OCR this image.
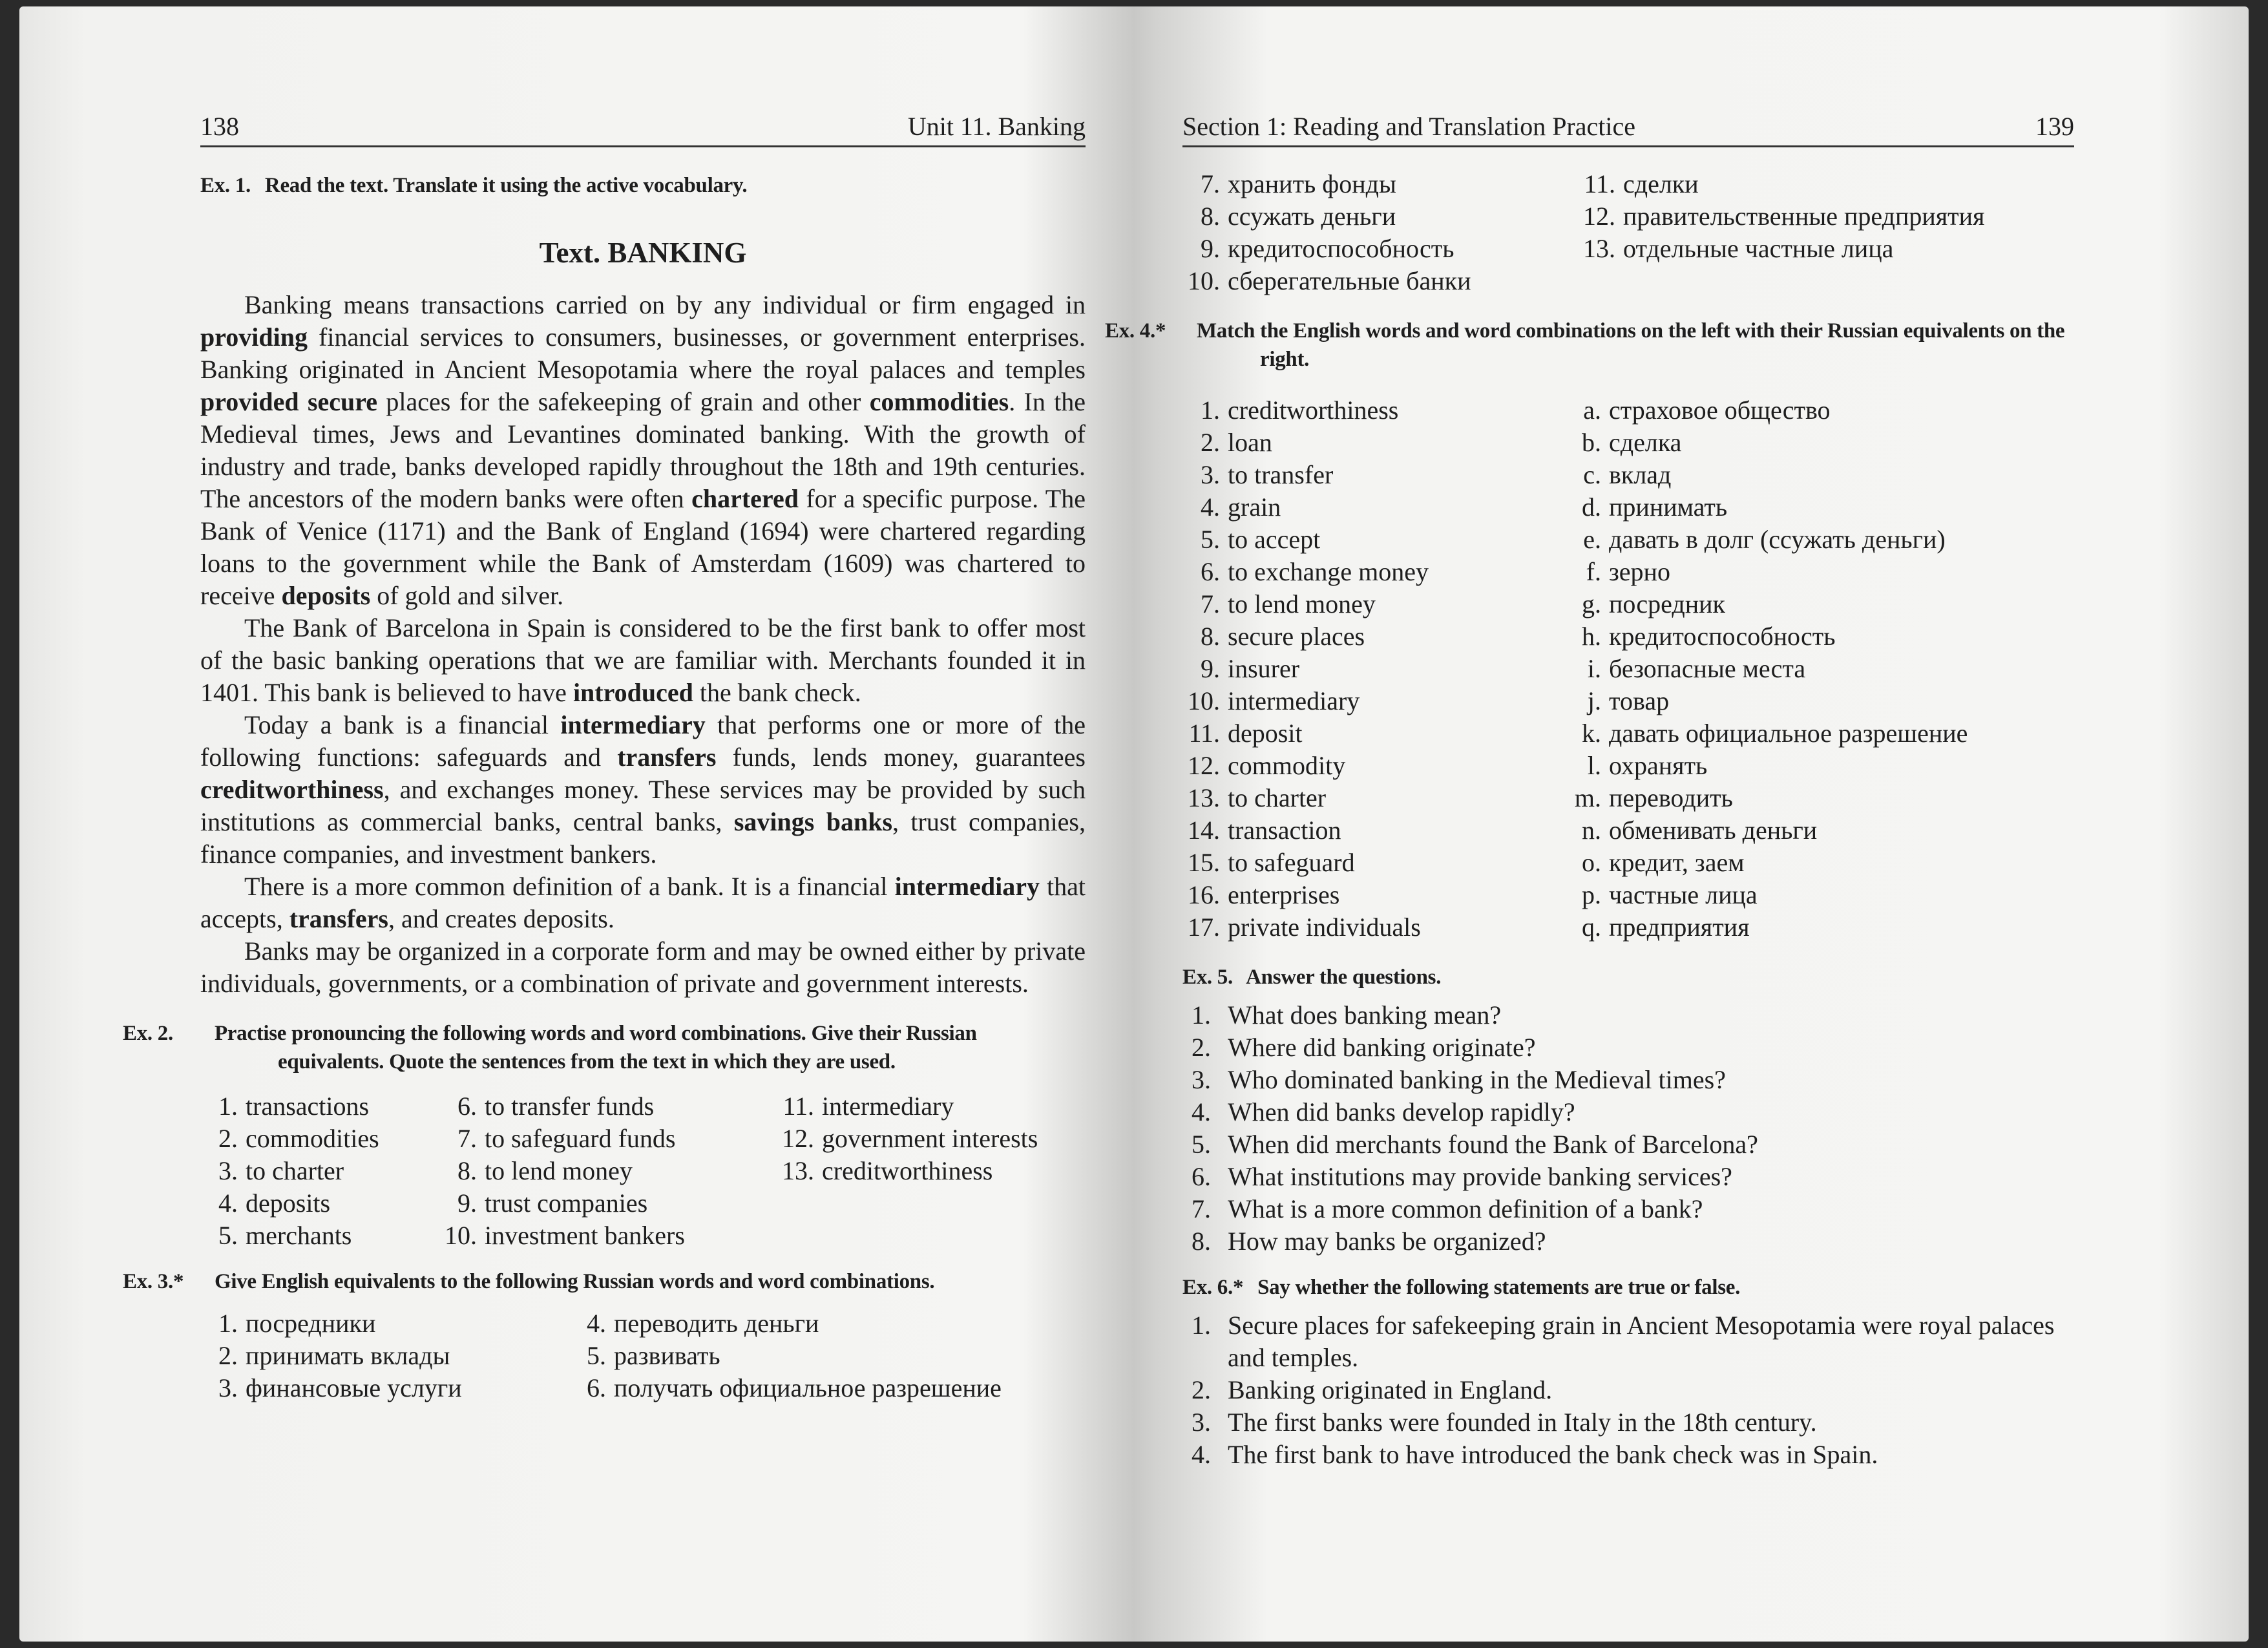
138	Unit 11. Banking
Ex. 1. Read the text. Translate it using the active vocabulary.
Text. BANKING

Banking means transactions carried on by any individual or firm engaged in providing financial services to consumers, businesses, or government enterprises. Banking originated in Ancient Mesopotamia where the royal palaces and temples provided secure places for the safekeeping of grain and other commodities. In the Medieval times, Jews and Levantines dominated banking. With the growth of industry and trade, banks developed rapidly throughout the 18th and 19th centuries. The ancestors of the modern banks were often chartered for a specific purpose. The Bank of Venice (1171) and the Bank of England (1694) were chartered regarding loans to the government while the Bank of Amsterdam (1609) was chartered to receive deposits of gold and silver.

The Bank of Barcelona in Spain is considered to be the first bank to offer most of the basic banking operations that we are familiar with. Merchants founded it in 1401. This bank is believed to have introduced the bank check.

Today a bank is a financial intermediary that performs one or more of the following functions: safeguards and transfers funds, lends money, guarantees creditworthiness, and exchanges money. These services may be provided by such institutions as commercial banks, central banks, savings banks, trust companies, finance companies, and investment bankers.

There is a more common definition of a bank. It is a financial intermediary that accepts, transfers, and creates deposits.

Banks may be organized in a corporate form and may be owned either by private individuals, governments, or a combination of private and government interests.

Ex. 2. Practise pronouncing the following words and word combinations. Give their Russian equivalents. Quote the sentences from the text in which they are used.
1. transactions
2. commodities
3. to charter
4. deposits
5. merchants
6. to transfer funds
7. to safeguard funds
8. to lend money
9. trust companies
10. investment bankers
11. intermediary
12. government interests
13. creditworthiness
Ex. 3.* Give English equivalents to the following Russian words and word combinations.
1. посредники
2. принимать вклады
3. финансовые услуги
4. переводить деньги
5. развивать
6. получать официальное разрешение
Section 1: Reading and Translation Practice	139
7. хранить фонды
8. ссужать деньги
9. кредитоспособность
10. сберегательные банки
11. сделки
12. правительственные предприятия
13. отдельные частные лица
Ex. 4.* Match the English words and word combinations on the left with their Russian equivalents on the right.
1. creditworthiness
2. loan
3. to transfer
4. grain
5. to accept
6. to exchange money
7. to lend money
8. secure places
9. insurer
10. intermediary
11. deposit
12. commodity
13. to charter
14. transaction
15. to safeguard
16. enterprises
17. private individuals
a. страховое общество
b. сделка
c. вклад
d. принимать
e. давать в долг (ссужать деньги)
f. зерно
g. посредник
h. кредитоспособность
i. безопасные места
j. товар
k. давать официальное разрешение
l. охранять
m. переводить
n. обменивать деньги
o. кредит, заем
p. частные лица
q. предприятия
Ex. 5. Answer the questions.
1. What does banking mean?
2. Where did banking originate?
3. Who dominated banking in the Medieval times?
4. When did banks develop rapidly?
5. When did merchants found the Bank of Barcelona?
6. What institutions may provide banking services?
7. What is a more common definition of a bank?
8. How may banks be organized?
Ex. 6.* Say whether the following statements are true or false.
1. Secure places for safekeeping grain in Ancient Mesopotamia were royal palaces and temples.
2. Banking originated in England.
3. The first banks were founded in Italy in the 18th century.
4. The first bank to have introduced the bank check was in Spain.
